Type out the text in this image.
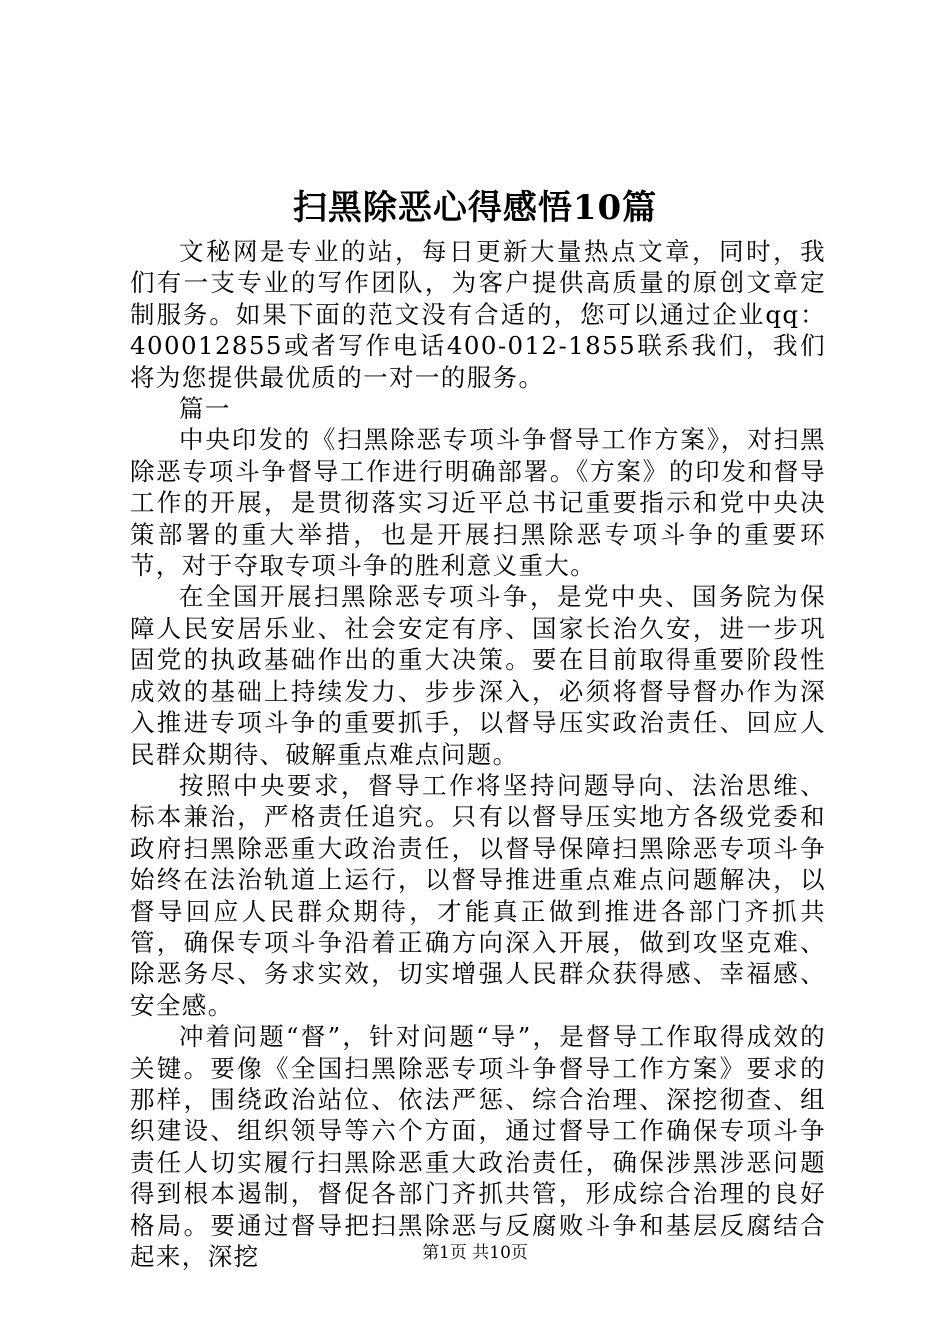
扫黑除恶心得感悟10篇

文秘网是专业的站，每日更新大量热点文章，同时，我们有一支专业的写作团队，为客户提供高质量的原创文章定制服务。如果下面的范文没有合适的，您可以通过企业qq：400012855或者写作电话400-012-1855联系我们，我们将为您提供最优质的一对一的服务。

篇一

中央印发的《扫黑除恶专项斗争督导工作方案》，对扫黑除恶专项斗争督导工作进行明确部署。《方案》的印发和督导工作的开展，是贯彻落实习近平总书记重要指示和党中央决策部署的重大举措，也是开展扫黑除恶专项斗争的重要环节，对于夺取专项斗争的胜利意义重大。

在全国开展扫黑除恶专项斗争，是党中央、国务院为保障人民安居乐业、社会安定有序、国家长治久安，进一步巩固党的执政基础作出的重大决策。要在目前取得重要阶段性成效的基础上持续发力、步步深入，必须将督导督办作为深入推进专项斗争的重要抓手，以督导压实政治责任、回应人民群众期待、破解重点难点问题。

按照中央要求，督导工作将坚持问题导向、法治思维、标本兼治，严格责任追究。只有以督导压实地方各级党委和政府扫黑除恶重大政治责任，以督导保障扫黑除恶专项斗争始终在法治轨道上运行，以督导推进重点难点问题解决，以督导回应人民群众期待，才能真正做到推进各部门齐抓共管，确保专项斗争沿着正确方向深入开展，做到攻坚克难、除恶务尽、务求实效，切实增强人民群众获得感、幸福感、安全感。

冲着问题“督”，针对问题“导”，是督导工作取得成效的关键。要像《全国扫黑除恶专项斗争督导工作方案》要求的那样，围绕政治站位、依法严惩、综合治理、深挖彻查、组织建设、组织领导等六个方面，通过督导工作确保专项斗争责任人切实履行扫黑除恶重大政治责任，确保涉黑涉恶问题得到根本遏制，督促各部门齐抓共管，形成综合治理的良好格局。要通过督导把扫黑除恶与反腐败斗争和基层反腐结合起来，深挖	第1页 共10页
